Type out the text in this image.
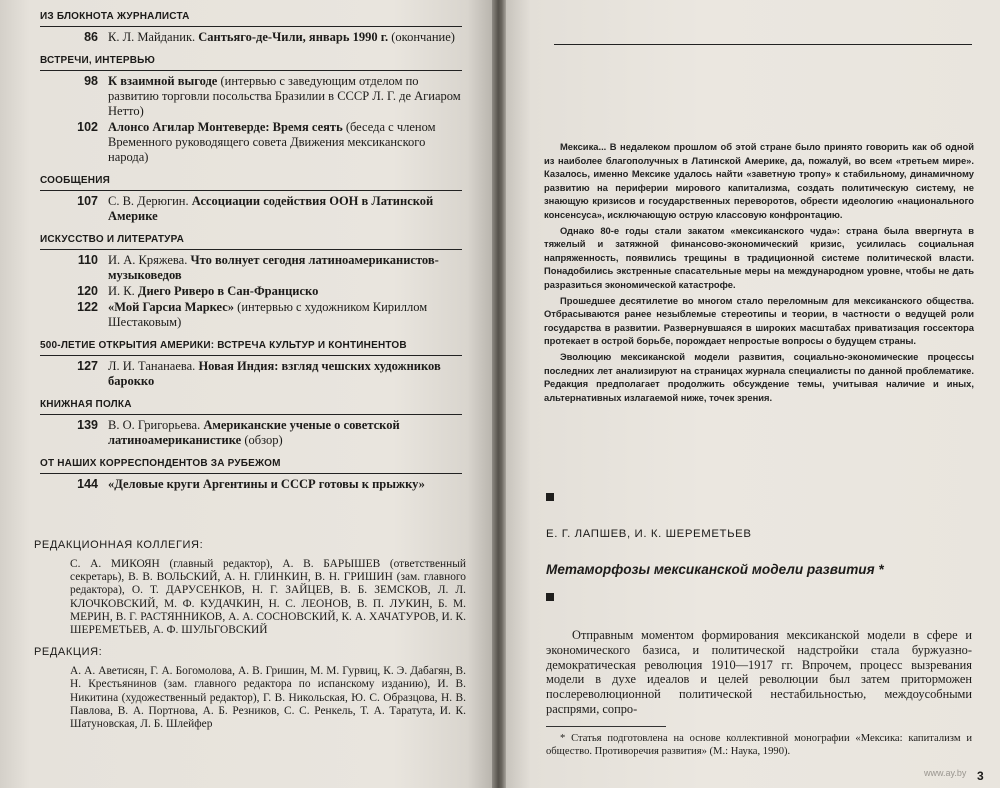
ИЗ БЛОКНОТА ЖУРНАЛИСТА
86 К. Л. Майданик. Сантьяго-де-Чили, январь 1990 г. (окончание)
ВСТРЕЧИ, ИНТЕРВЬЮ
98 К взаимной выгоде (интервью с заведующим отделом по развитию торговли посольства Бразилии в СССР Л. Г. де Агиаром Нетто)
102 Алонсо Агилар Монтеверде: Время сеять (беседа с членом Временного руководящего совета Движения мексиканского народа)
СООБЩЕНИЯ
107 С. В. Дерюгин. Ассоциации содействия ООН в Латинской Америке
ИСКУССТВО И ЛИТЕРАТУРА
110 И. А. Кряжева. Что волнует сегодня латиноамериканистов-музыковедов
120 И. К. Диего Риверо в Сан-Франциско
122 «Мой Гарсиа Маркес» (интервью с художником Кириллом Шестаковым)
500-ЛЕТИЕ ОТКРЫТИЯ АМЕРИКИ: ВСТРЕЧА КУЛЬТУР И КОНТИНЕНТОВ
127 Л. И. Тананаева. Новая Индия: взгляд чешских художников барокко
КНИЖНАЯ ПОЛКА
139 В. О. Григорьева. Американские ученые о советской латиноамериканистике (обзор)
ОТ НАШИХ КОРРЕСПОНДЕНТОВ ЗА РУБЕЖОМ
144 «Деловые круги Аргентины и СССР готовы к прыжку»
РЕДАКЦИОННАЯ КОЛЛЕГИЯ:
С. А. МИКОЯН (главный редактор), А. В. БАРЫШЕВ (ответственный секретарь), В. В. ВОЛЬСКИЙ, А. Н. ГЛИНКИН, В. Н. ГРИШИН (зам. главного редактора), О. Т. ДАРУСЕНКОВ, Н. Г. ЗАЙЦЕВ, В. Б. ЗЕМСКОВ, Л. Л. КЛОЧКОВСКИЙ, М. Ф. КУДАЧКИН, Н. С. ЛЕОНОВ, В. П. ЛУКИН, Б. М. МЕРИН, В. Г. РАСТЯННИКОВ, А. А. СОСНОВСКИЙ, К. А. ХАЧАТУРОВ, И. К. ШЕРЕМЕТЬЕВ, А. Ф. ШУЛЬГОВСКИЙ
РЕДАКЦИЯ:
А. А. Аветисян, Г. А. Богомолова, А. В. Гришин, М. М. Гурвиц, К. Э. Дабагян, В. Н. Крестьянинов (зам. главного редактора по испанскому изданию), И. В. Никитина (художественный редактор), Г. В. Никольская, Ю. С. Образцова, Н. В. Павлова, В. А. Портнова, А. Б. Резников, С. С. Ренкель, Т. А. Таратута, И. К. Шатуновская, Л. Б. Шлейфер

Мексика... В недалеком прошлом об этой стране было принято говорить как об одной из наиболее благополучных в Латинской Америке, да, пожалуй, во всем «третьем мире». Казалось, именно Мексике удалось найти «заветную тропу» к стабильному, динамичному развитию на периферии мирового капитализма, создать политическую систему, не знающую кризисов и государственных переворотов, обрести идеологию «национального консенсуса», исключающую острую классовую конфронтацию.

Однако 80-е годы стали закатом «мексиканского чуда»: страна была ввергнута в тяжелый и затяжной финансово-экономический кризис, усилилась социальная напряженность, появились трещины в традиционной системе политической власти. Понадобились экстренные спасательные меры на международном уровне, чтобы не дать разразиться экономической катастрофе.

Прошедшее десятилетие во многом стало переломным для мексиканского общества. Отбрасываются ранее незыблемые стереотипы и теории, в частности о ведущей роли государства в развитии. Развернувшаяся в широких масштабах приватизация госсектора протекает в острой борьбе, порождает непростые вопросы о будущем страны.

Эволюцию мексиканской модели развития, социально-экономические процессы последних лет анализируют на страницах журнала специалисты по данной проблематике. Редакция предполагает продолжить обсуждение темы, учитывая наличие и иных, альтернативных излагаемой ниже, точек зрения.

Е. Г. ЛАПШЕВ, И. К. ШЕРЕМЕТЬЕВ
Метаморфозы мексиканской модели развития *

Отправным моментом формирования мексиканской модели в сфере и экономического базиса, и политической надстройки стала буржуазно-демократическая революция 1910—1917 гг. Впрочем, процесс вызревания модели в духе идеалов и целей революции был затем приторможен послереволюционной политической нестабильностью, междоусобными распрями, сопро-

* Статья подготовлена на основе коллективной монографии «Мексика: капитализм и общество. Противоречия развития» (М.: Наука, 1990).

www.ay.by 3
